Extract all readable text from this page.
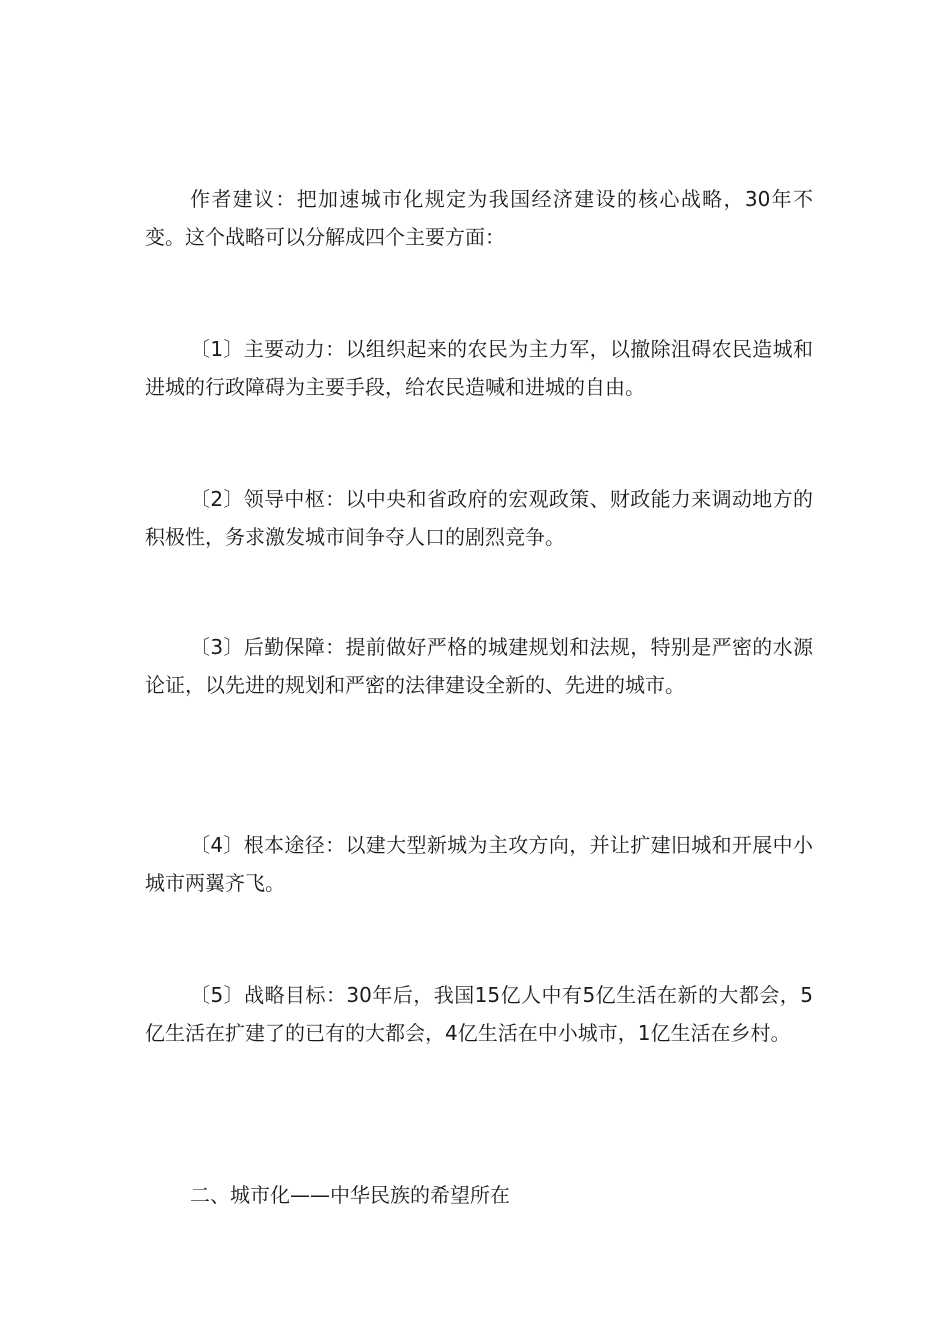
作者建议：把加速城市化规定为我国经济建设的核心战略，30年不变。这个战略可以分解成四个主要方面：

〔1〕主要动力：以组织起来的农民为主力军，以撤除沮碍农民造城和进城的行政障碍为主要手段，给农民造喊和进城的自由。

〔2〕领导中枢：以中央和省政府的宏观政策、财政能力来调动地方的积极性，务求激发城市间争夺人口的剧烈竞争。

〔3〕后勤保障：提前做好严格的城建规划和法规，特别是严密的水源论证，以先进的规划和严密的法律建设全新的、先进的城市。

〔4〕根本途径：以建大型新城为主攻方向，并让扩建旧城和开展中小城市两翼齐飞。

〔5〕战略目标：30年后，我国15亿人中有5亿生活在新的大都会，5亿生活在扩建了的已有的大都会，4亿生活在中小城市，1亿生活在乡村。

二、城市化——中华民族的希望所在
